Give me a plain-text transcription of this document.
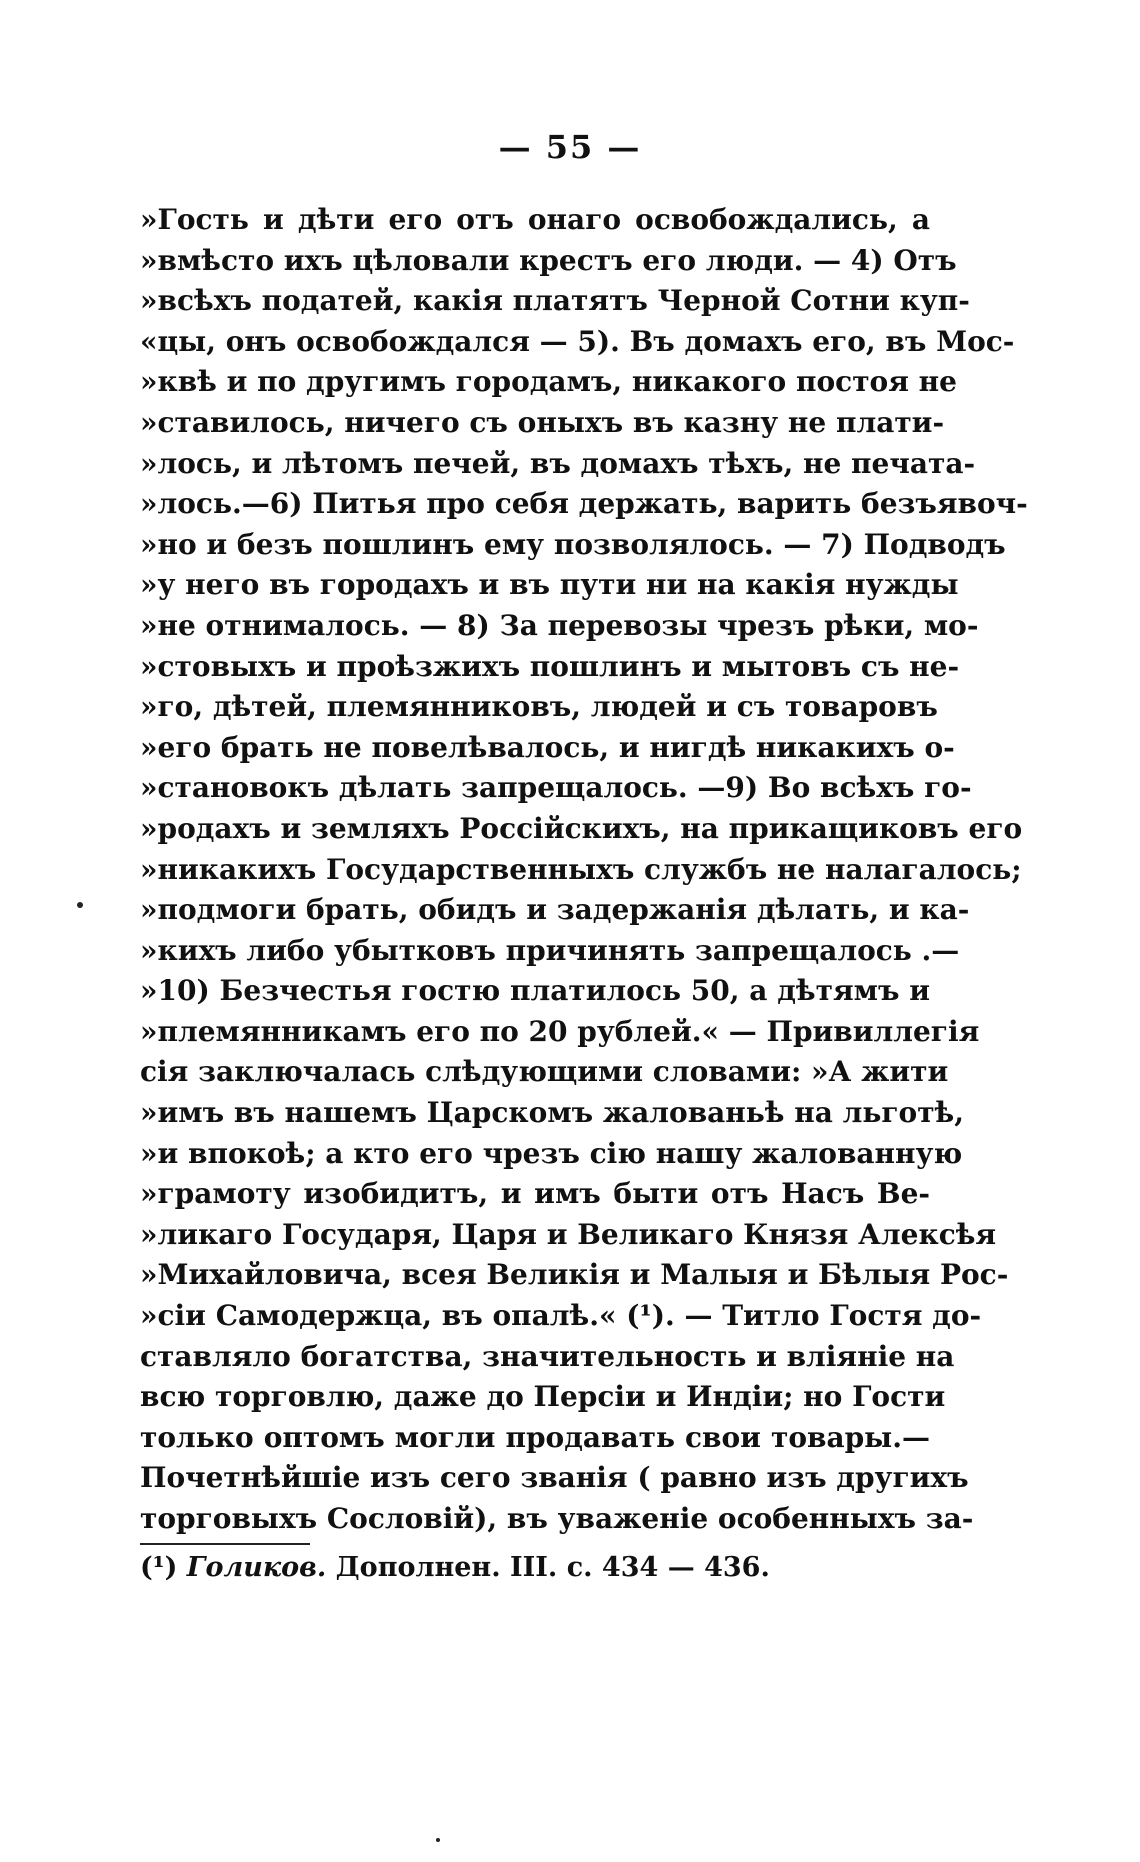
— 55 —
»Гость и дѣти его отъ онаго освобождались, а
»вмѣсто ихъ цѣловали крестъ его люди. — 4) Отъ
»всѣхъ податей, какія платятъ Черной Сотни куп-
«цы, онъ освобождался — 5). Въ домахъ его, въ Мос-
»квѣ и по другимъ городамъ, никакого постоя не
»ставилось, ничего съ оныхъ въ казну не плати-
»лось, и лѣтомъ печей, въ домахъ тѣхъ, не печата-
»лось.—6) Питья про себя держать, варить безъявоч-
»но и безъ пошлинъ ему позволялось. — 7) Подводъ
»у него въ городахъ и въ пути ни на какія нужды
»не отнималось. — 8) За перевозы чрезъ рѣки, мо-
»стовыхъ и проѣзжихъ пошлинъ и мытовъ съ не-
»го, дѣтей, племянниковъ, людей и съ товаровъ
»его брать не повелѣвалось, и нигдѣ никакихъ о-
»становокъ дѣлать запрещалось. —9) Во всѣхъ го-
»родахъ и земляхъ Россійскихъ, на прикащиковъ его
»никакихъ Государственныхъ службъ не налагалось;
»подмоги брать, обидъ и задержанія дѣлать, и ка-
»кихъ либо убытковъ причинять запрещалось .—
»10) Безчестья гостю платилось 50, а дѣтямъ и
»племянникамъ его по 20 рублей.« — Привиллегія
сія заключалась слѣдующими словами: »А жити
»имъ въ нашемъ Царскомъ жалованьѣ на льготѣ,
»и впокоѣ; а кто его чрезъ сію нашу жалованную
»грамоту изобидитъ, и имъ быти отъ Насъ Ве-
»ликаго Государя, Царя и Великаго Князя Алексѣя
»Михайловича, всея Великія и Малыя и Бѣлыя Рос-
»сіи Самодержца, въ опалѣ.« (¹). — Титло Гостя до-
ставляло богатства, значительность и вліяніе на
всю торговлю, даже до Персіи и Индіи; но Гости
только оптомъ могли продавать свои товары.—
Почетнѣйшіе изъ сего званія ( равно изъ другихъ
торговыхъ Сословій), въ уваженіе особенныхъ за-
(¹) Голиков. Дополнен. III. с. 434 — 436.
